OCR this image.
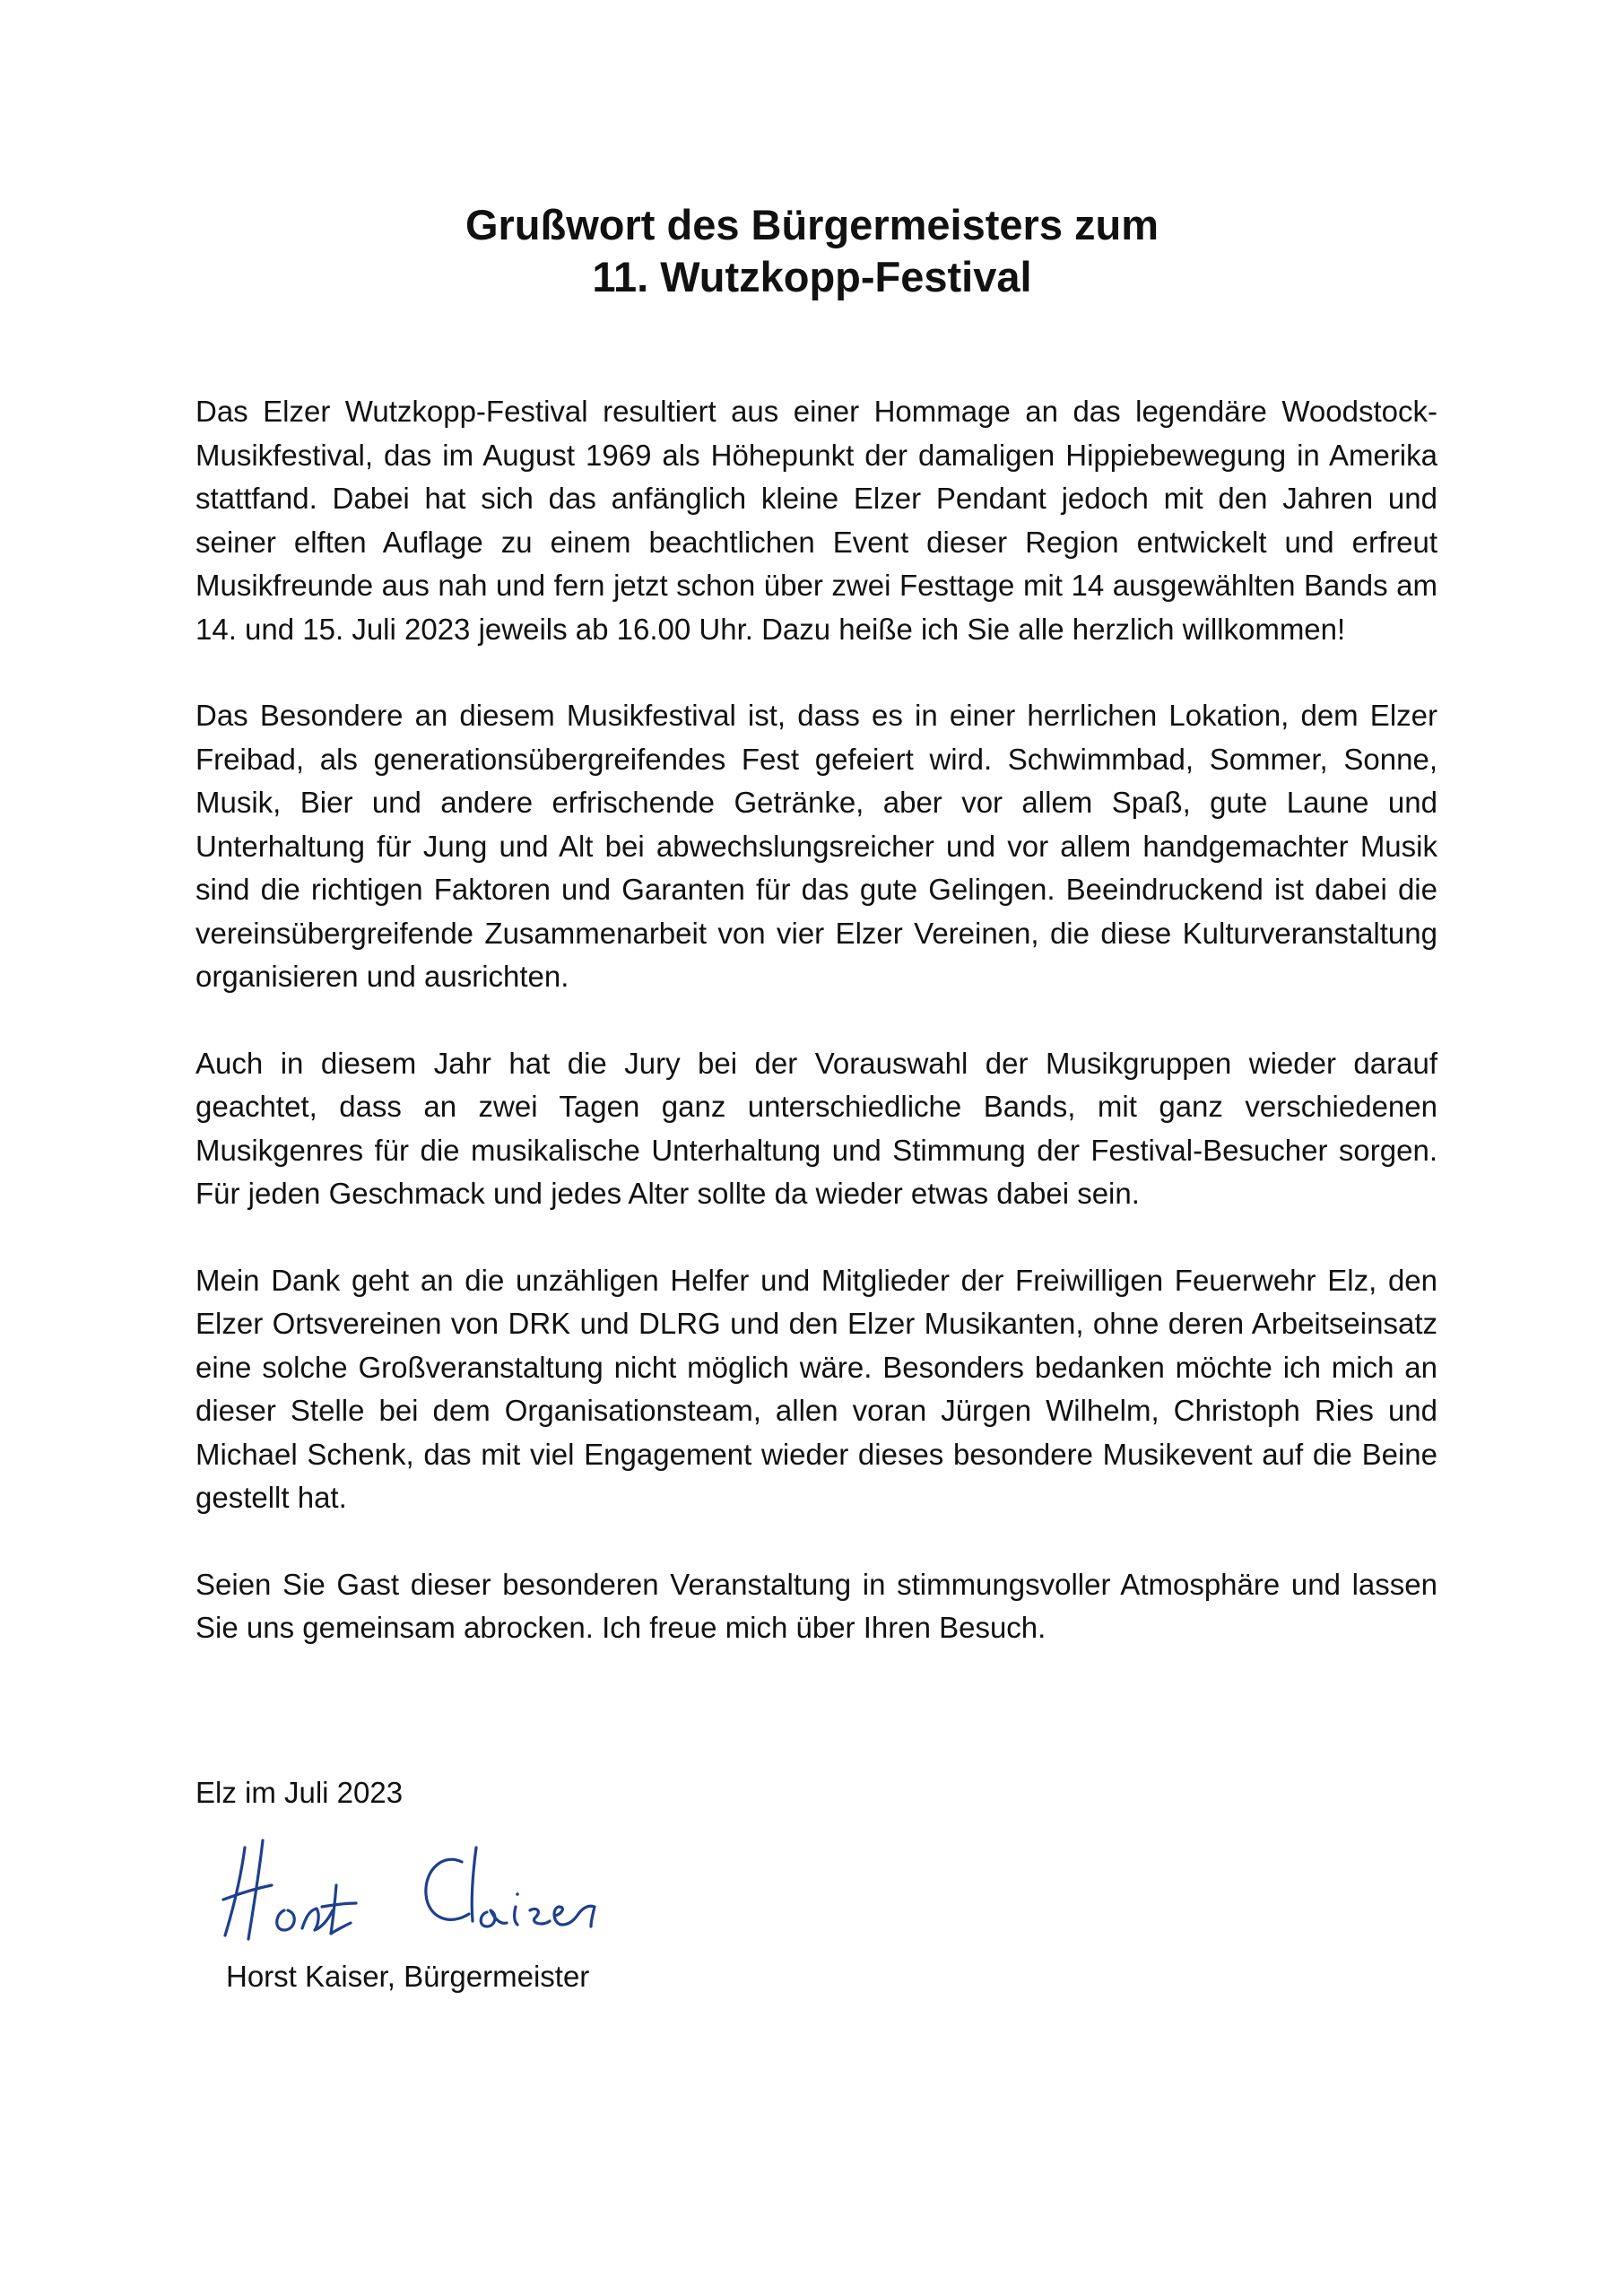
Grußwort des Bürgermeisters zum
11. Wutzkopp-Festival

Das Elzer Wutzkopp-Festival resultiert aus einer Hommage an das legendäre Woodstock-Musikfestival, das im August 1969 als Höhepunkt der damaligen Hippiebewegung in Amerika stattfand. Dabei hat sich das anfänglich kleine Elzer Pendant jedoch mit den Jahren und seiner elften Auflage zu einem beachtlichen Event dieser Region entwickelt und erfreut Musikfreunde aus nah und fern jetzt schon über zwei Festtage mit 14 ausgewählten Bands am 14. und 15. Juli 2023 jeweils ab 16.00 Uhr. Dazu heiße ich Sie alle herzlich willkommen!

Das Besondere an diesem Musikfestival ist, dass es in einer herrlichen Lokation, dem Elzer Freibad, als generationsübergreifendes Fest gefeiert wird. Schwimmbad, Sommer, Sonne, Musik, Bier und andere erfrischende Getränke, aber vor allem Spaß, gute Laune und Unterhaltung für Jung und Alt bei abwechslungsreicher und vor allem handgemachter Musik sind die richtigen Faktoren und Garanten für das gute Gelingen. Beeindruckend ist dabei die vereinsübergreifende Zusammenarbeit von vier Elzer Vereinen, die diese Kulturveranstaltung organisieren und ausrichten.

Auch in diesem Jahr hat die Jury bei der Vorauswahl der Musikgruppen wieder darauf geachtet, dass an zwei Tagen ganz unterschiedliche Bands, mit ganz verschiedenen Musikgenres für die musikalische Unterhaltung und Stimmung der Festival-Besucher sorgen. Für jeden Geschmack und jedes Alter sollte da wieder etwas dabei sein.

Mein Dank geht an die unzähligen Helfer und Mitglieder der Freiwilligen Feuerwehr Elz, den Elzer Ortsvereinen von DRK und DLRG und den Elzer Musikanten, ohne deren Arbeitseinsatz eine solche Großveranstaltung nicht möglich wäre. Besonders bedanken möchte ich mich an dieser Stelle bei dem Organisationsteam, allen voran Jürgen Wilhelm, Christoph Ries und Michael Schenk, das mit viel Engagement wieder dieses besondere Musikevent auf die Beine gestellt hat.

Seien Sie Gast dieser besonderen Veranstaltung in stimmungsvoller Atmosphäre und lassen Sie uns gemeinsam abrocken. Ich freue mich über Ihren Besuch.

Elz im Juli 2023
Horst Kaiser, Bürgermeister
